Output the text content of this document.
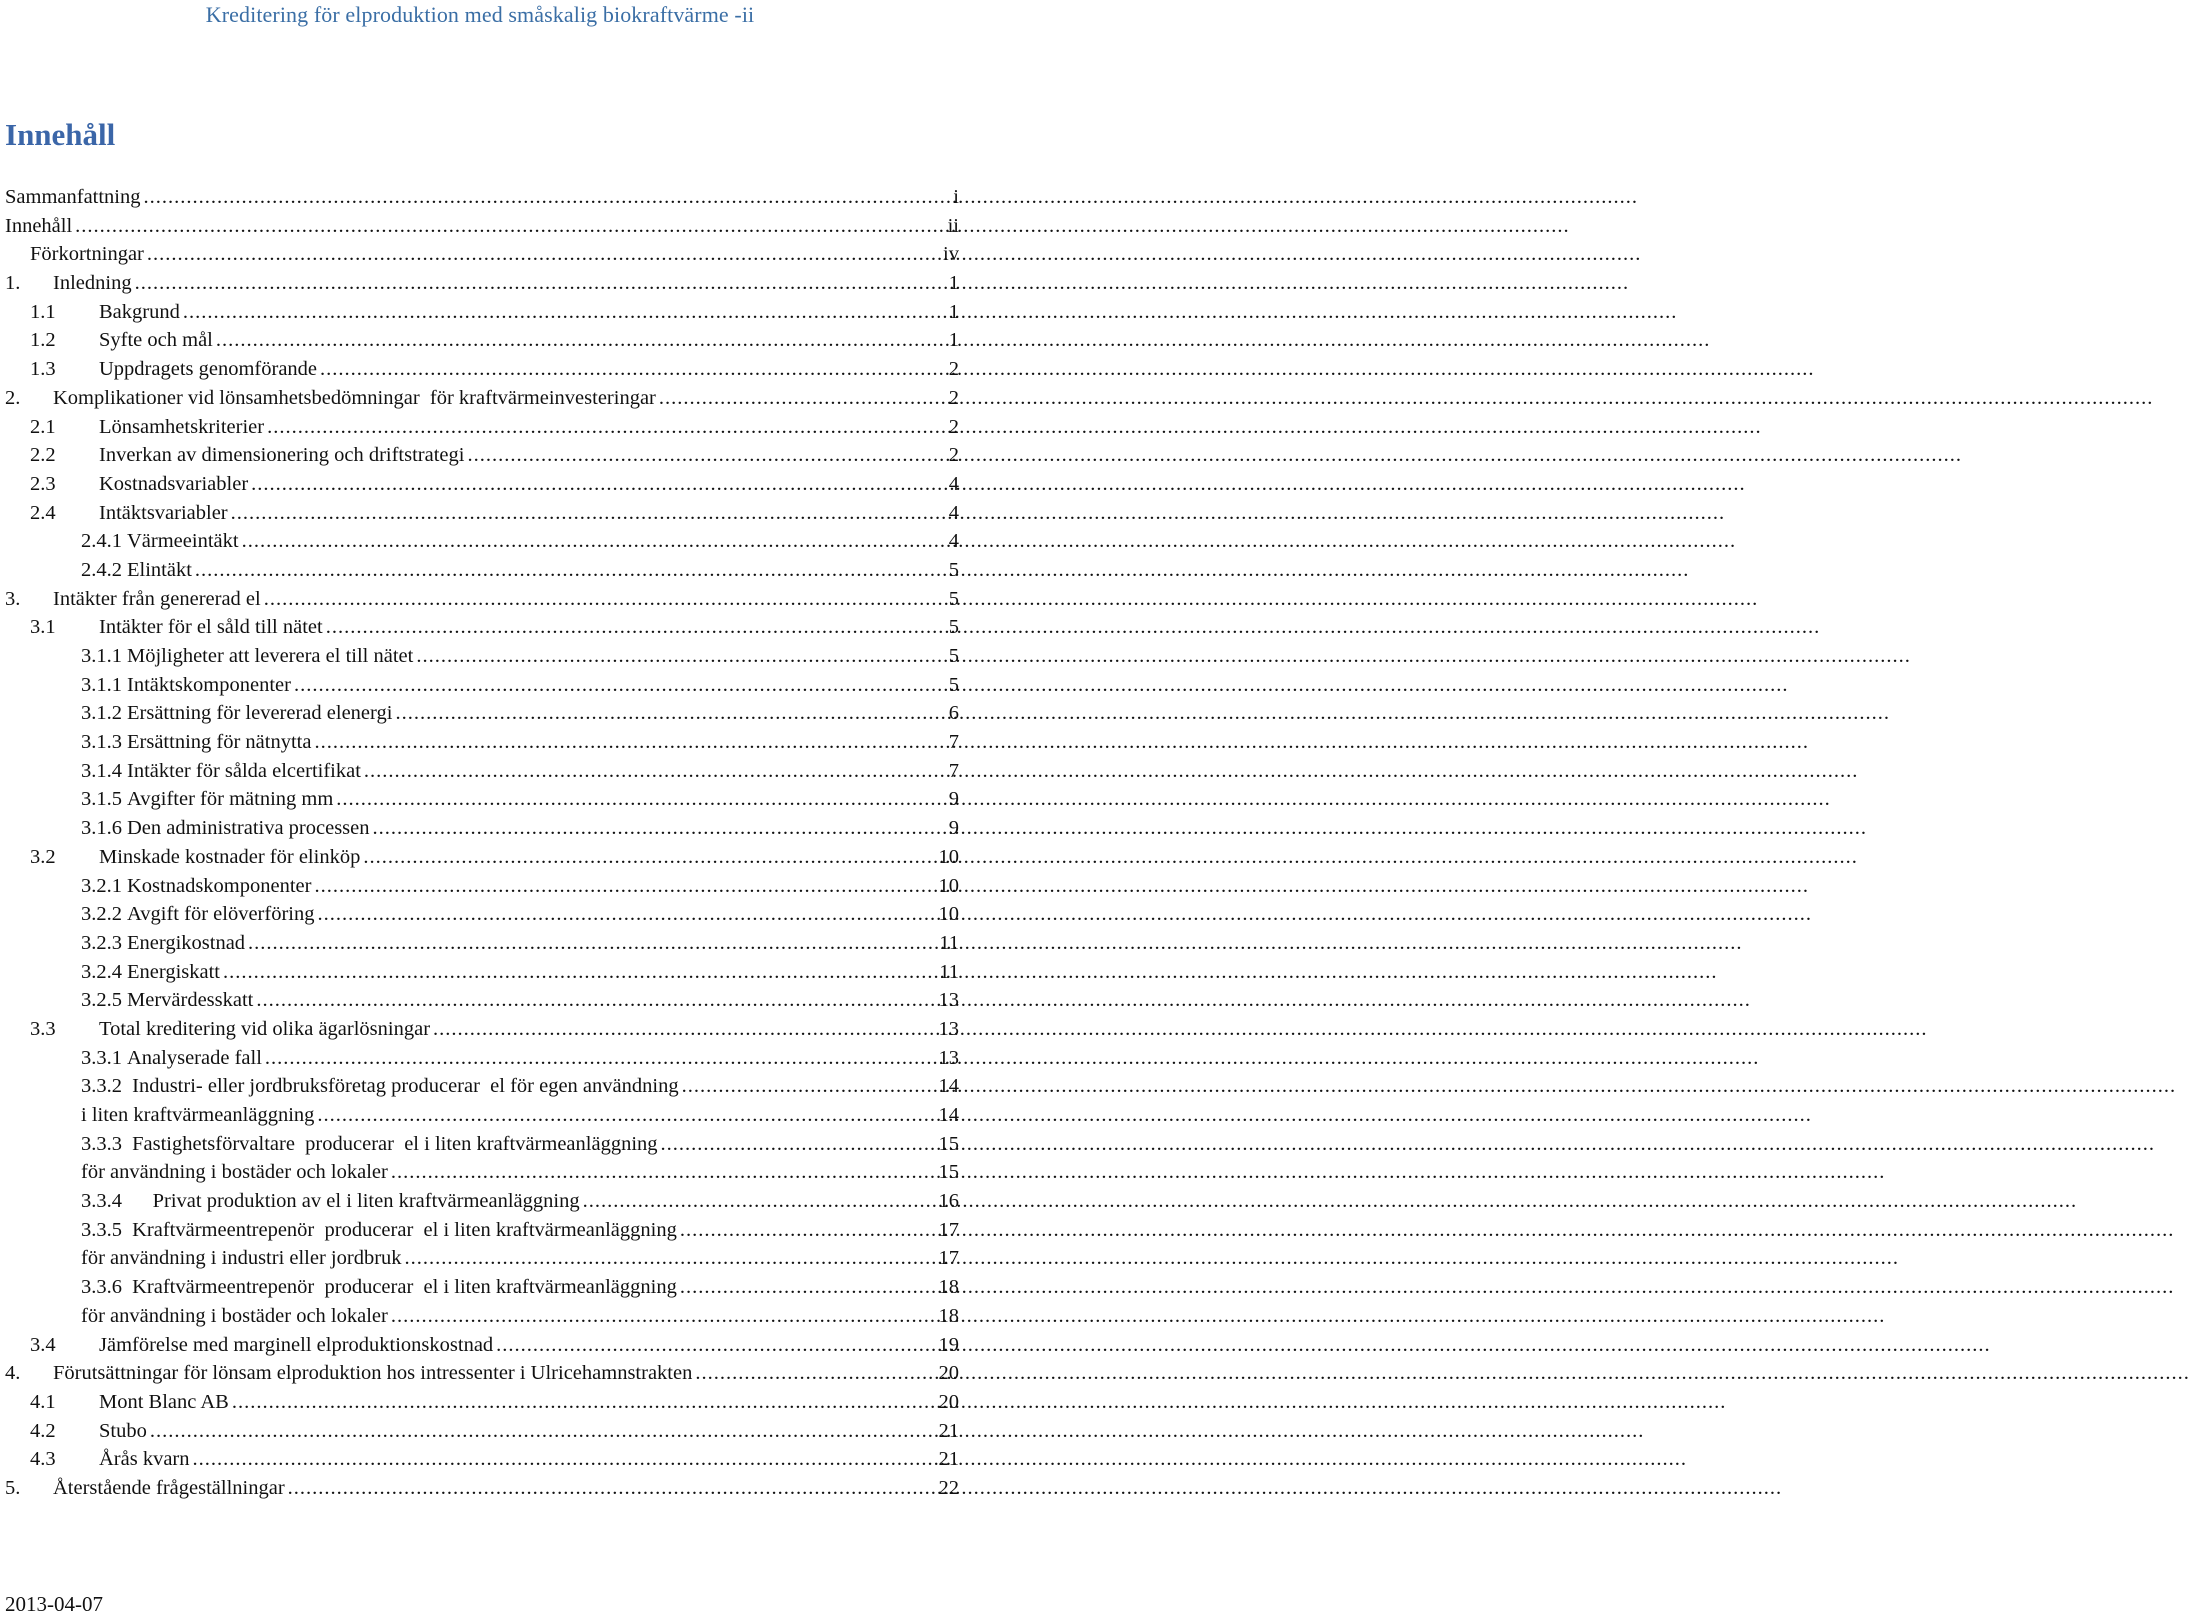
Kreditering för elproduktion med småskalig biokraftvärme -ii
Innehåll
Sammanfattning .....	i
Innehåll .....	ii
Förkortningar .....	iv
1.	Inledning .....	1
1.1	Bakgrund .....	1
1.2	Syfte och mål .....	1
1.3	Uppdragets genomförande .....	2
2.	Komplikationer vid lönsamhetsbedömningar  för kraftvärmeinvesteringar .....	2
2.1	Lönsamhetskriterier .....	2
2.2	Inverkan av dimensionering och driftstrategi .....	2
2.3	Kostnadsvariabler .....	4
2.4	Intäktsvariabler .....	4
2.4.1 Värmeeintäkt .....	4
2.4.2 Elintäkt .....	5
3.	Intäkter från genererad el .....	5
3.1	Intäkter för el såld till nätet .....	5
3.1.1 Möjligheter att leverera el till nätet .....	5
3.1.1 Intäktskomponenter .....	5
3.1.2 Ersättning för levererad elenergi .....	6
3.1.3 Ersättning för nätnytta .....	7
3.1.4 Intäkter för sålda elcertifikat .....	7
3.1.5 Avgifter för mätning mm .....	9
3.1.6 Den administrativa processen .....	9
3.2	Minskade kostnader för elinköp .....	10
3.2.1 Kostnadskomponenter .....	10
3.2.2 Avgift för elöverföring .....	10
3.2.3 Energikostnad .....	11
3.2.4 Energiskatt .....	11
3.2.5 Mervärdesskatt .....	13
3.3	Total kreditering vid olika ägarlösningar .....	13
3.3.1 Analyserade fall .....	13
3.3.2 Industri- eller jordbruksföretag producerar  el för egen användning .....	14
i liten kraftvärmeanläggning .....	14
3.3.3 Fastighetsförvaltare  producerar  el i liten kraftvärmeanläggning .....	15
för användning i bostäder och lokaler .....	15
3.3.4 Privat produktion av el i liten kraftvärmeanläggning .....	16
3.3.5 Kraftvärmeentrepenör  producerar  el i liten kraftvärmeanläggning .....	17
för användning i industri eller jordbruk .....	17
3.3.6 Kraftvärmeentrepenör  producerar  el i liten kraftvärmeanläggning .....	18
för användning i bostäder och lokaler .....	18
3.4	Jämförelse med marginell elproduktionskostnad .....	19
4.	Förutsättningar för lönsam elproduktion hos intressenter i Ulricehamnstrakten .....	20
4.1	Mont Blanc AB .....	20
4.2	Stubo .....	21
4.3	Årås kvarn .....	21
5.	Återstående frågeställningar .....	22
2013-04-07
